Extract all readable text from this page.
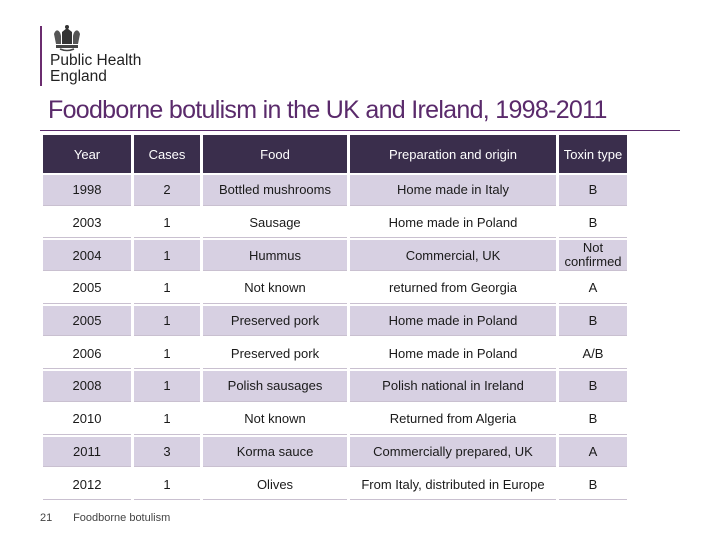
Public Health
England
Foodborne botulism in the UK and Ireland, 1998-2011
Year	Cases	Food	Preparation and origin	Toxin type
1998	2	Bottled mushrooms	Home made in Italy	B
2003	1	Sausage	Home made in Poland	B
2004	1	Hummus	Commercial, UK	Not confirmed
2005	1	Not known	returned from Georgia	A
2005	1	Preserved pork	Home made in Poland	B
2006	1	Preserved pork	Home made in Poland	A/B
2008	1	Polish sausages	Polish national in Ireland	B
2010	1	Not known	Returned from Algeria	B
2011	3	Korma sauce	Commercially prepared, UK	A
2012	1	Olives	From Italy, distributed in Europe	B
21 Foodborne botulism
